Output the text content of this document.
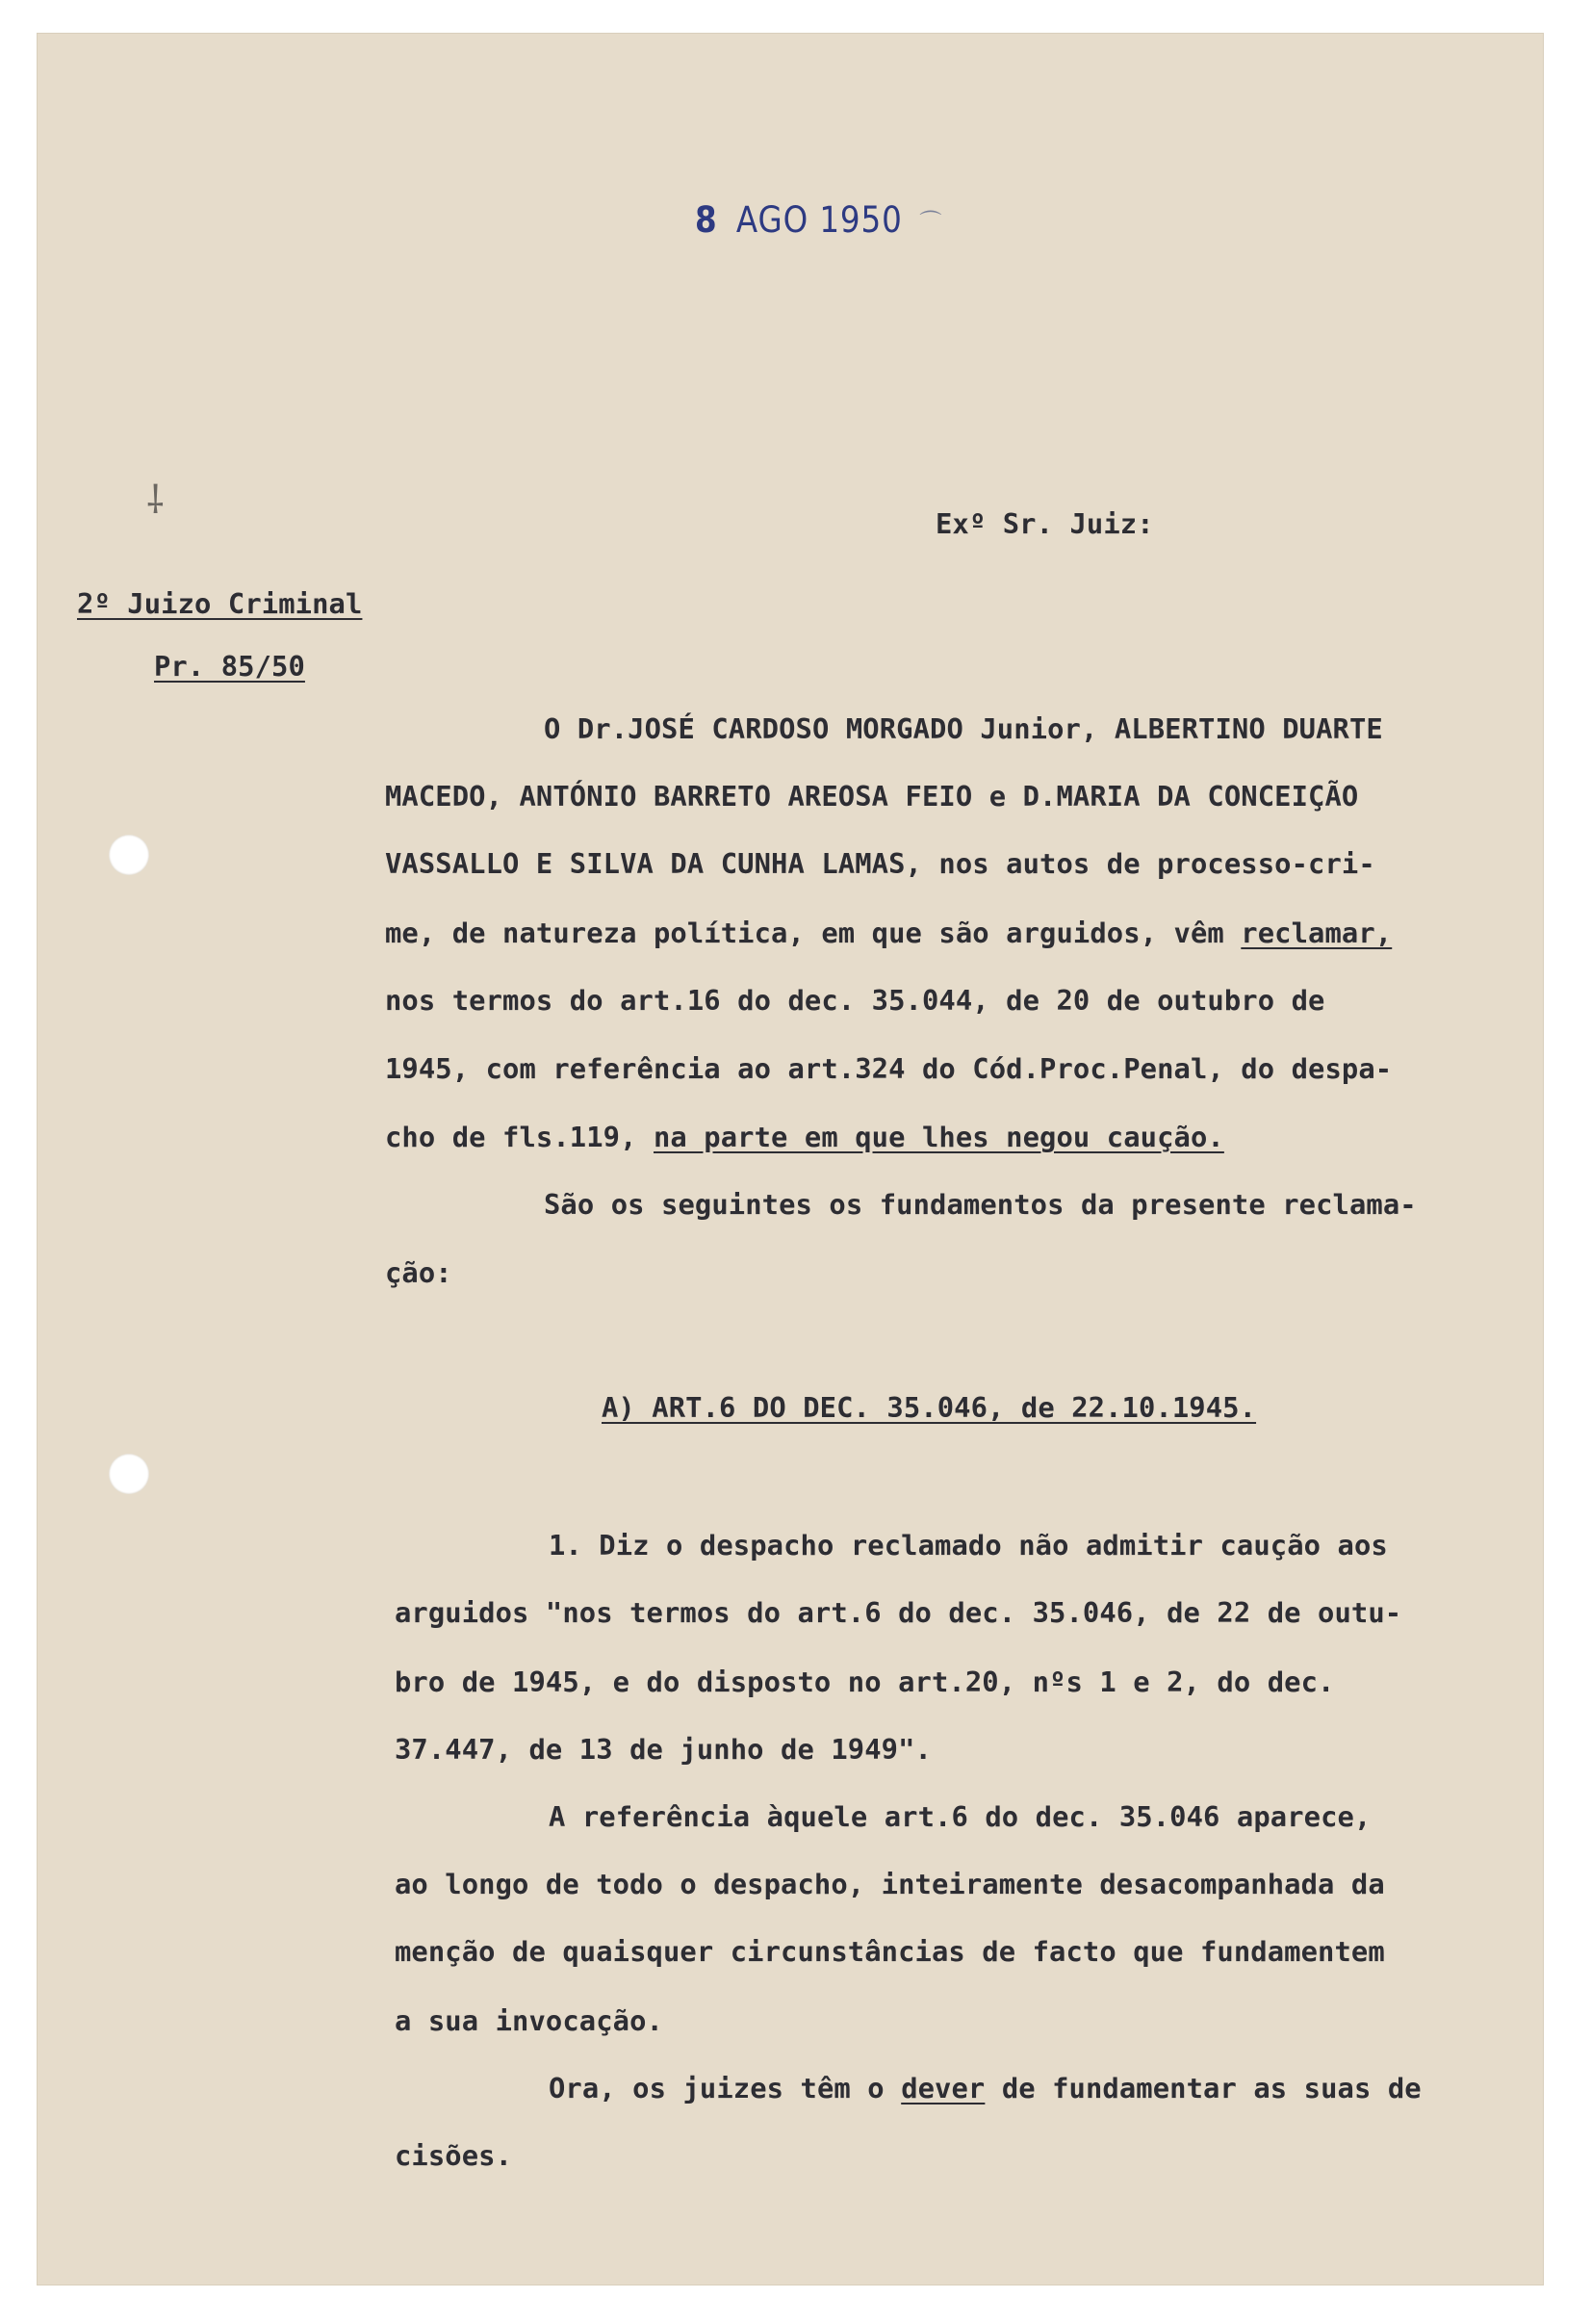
⸸
8 AGO 1950 ⌒
Exº Sr. Juiz:
2º Juizo Criminal
Pr. 85/50
O Dr.JOSÉ CARDOSO MORGADO Junior, ALBERTINO DUARTE
MACEDO, ANTÓNIO BARRETO AREOSA FEIO e D.MARIA DA CONCEIÇÃO
VASSALLO E SILVA DA CUNHA LAMAS, nos autos de processo-cri-
me, de natureza política, em que são arguidos, vêm reclamar,
nos termos do art.16 do dec. 35.044, de 20 de outubro de
1945, com referência ao art.324 do Cód.Proc.Penal, do despa-
cho de fls.119, na parte em que lhes negou caução.
São os seguintes os fundamentos da presente reclama-
ção:
A) ART.6 DO DEC. 35.046, de 22.10.1945.
1. Diz o despacho reclamado não admitir caução aos
arguidos "nos termos do art.6 do dec. 35.046, de 22 de outu-
bro de 1945, e do disposto no art.20, nºs 1 e 2, do dec.
37.447, de 13 de junho de 1949".
A referência àquele art.6 do dec. 35.046 aparece,
ao longo de todo o despacho, inteiramente desacompanhada da
menção de quaisquer circunstâncias de facto que fundamentem
a sua invocação.
Ora, os juizes têm o dever de fundamentar as suas de
cisões.
